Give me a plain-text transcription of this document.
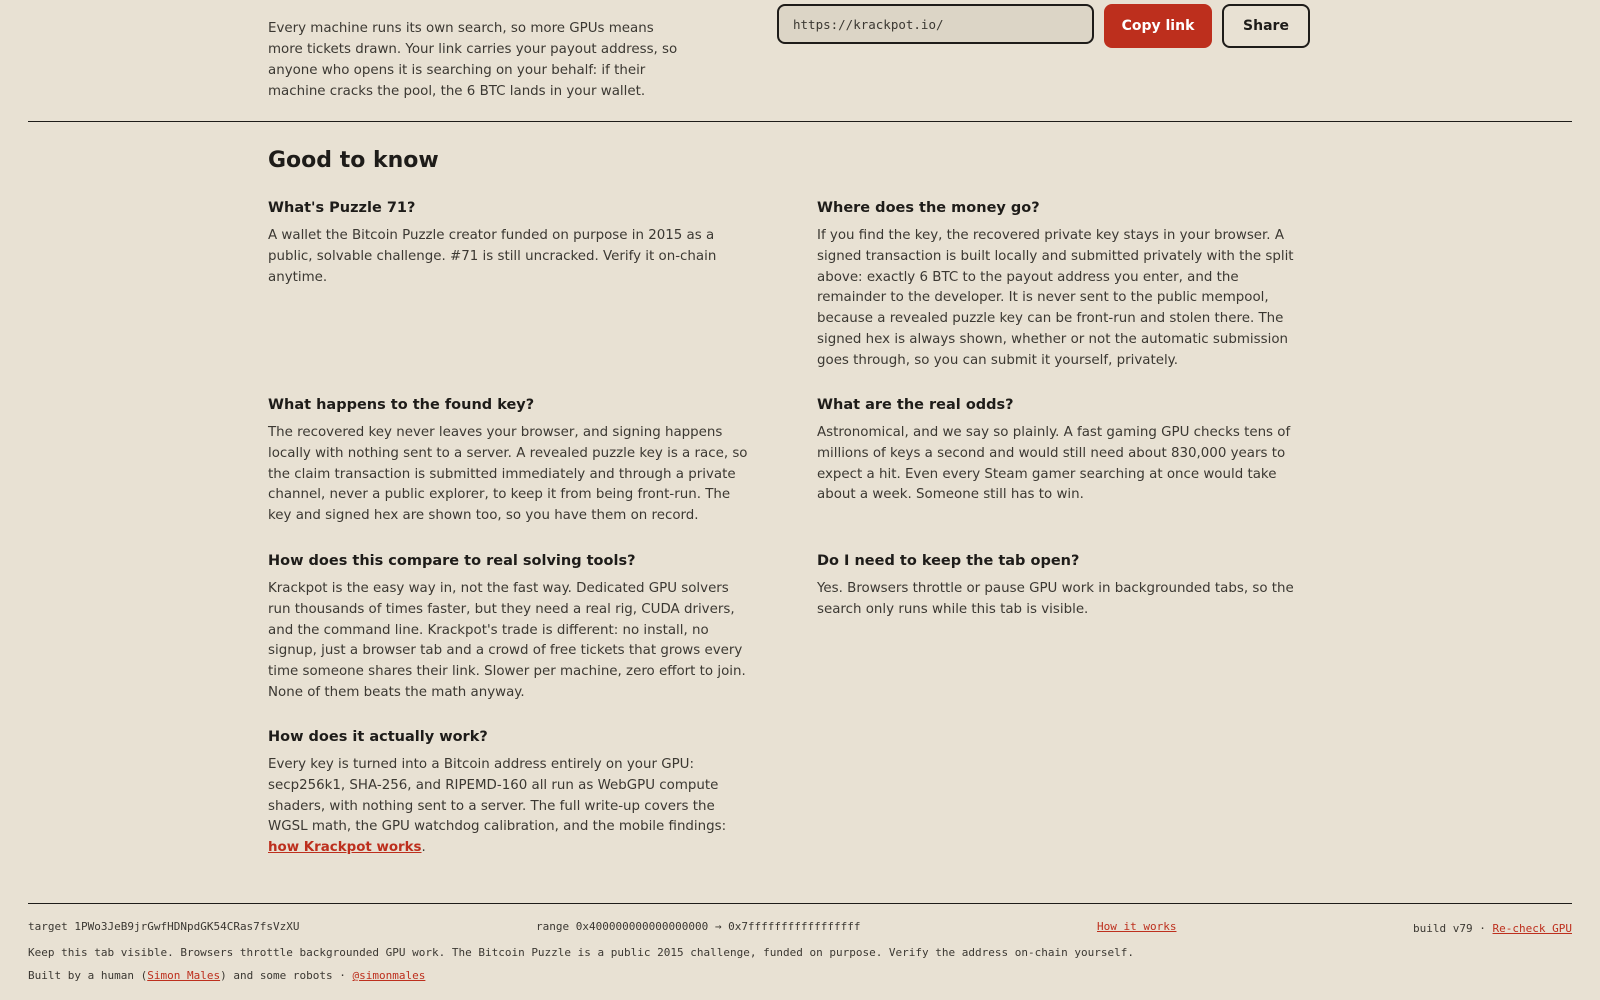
Every machine runs its own search, so more GPUs means more tickets drawn. Your link carries your payout address, so anyone who opens it is searching on your behalf: if their machine cracks the pool, the 6 BTC lands in your wallet.

https://krackpot.io/
Copy link	Share
Good to know
What's Puzzle 71?

A wallet the Bitcoin Puzzle creator funded on purpose in 2015 as a public, solvable challenge. #71 is still uncracked. Verify it on-chain anytime.

Where does the money go?

If you find the key, the recovered private key stays in your browser. A signed transaction is built locally and submitted privately with the split above: exactly 6 BTC to the payout address you enter, and the remainder to the developer. It is never sent to the public mempool, because a revealed puzzle key can be front-run and stolen there. The signed hex is always shown, whether or not the automatic submission goes through, so you can submit it yourself, privately.

What happens to the found key?

The recovered key never leaves your browser, and signing happens locally with nothing sent to a server. A revealed puzzle key is a race, so the claim transaction is submitted immediately and through a private channel, never a public explorer, to keep it from being front-run. The key and signed hex are shown too, so you have them on record.

What are the real odds?

Astronomical, and we say so plainly. A fast gaming GPU checks tens of millions of keys a second and would still need about 830,000 years to expect a hit. Even every Steam gamer searching at once would take about a week. Someone still has to win.

How does this compare to real solving tools?

Krackpot is the easy way in, not the fast way. Dedicated GPU solvers run thousands of times faster, but they need a real rig, CUDA drivers, and the command line. Krackpot's trade is different: no install, no signup, just a browser tab and a crowd of free tickets that grows every time someone shares their link. Slower per machine, zero effort to join. None of them beats the math anyway.

Do I need to keep the tab open?

Yes. Browsers throttle or pause GPU work in backgrounded tabs, so the search only runs while this tab is visible.

How does it actually work?

Every key is turned into a Bitcoin address entirely on your GPU: secp256k1, SHA-256, and RIPEMD-160 all run as WebGPU compute shaders, with nothing sent to a server. The full write-up covers the WGSL math, the GPU watchdog calibration, and the mobile findings: how Krackpot works.

target 1PWo3JeB9jrGwfHDNpdGK54CRas7fsVzXU	range 0x400000000000000000 → 0x7fffffffffffffffff	How it works	build v79 · Re-check GPU
Keep this tab visible. Browsers throttle backgrounded GPU work. The Bitcoin Puzzle is a public 2015 challenge, funded on purpose. Verify the address on-chain yourself.
Built by a human (Simon Males) and some robots · @simonmales
